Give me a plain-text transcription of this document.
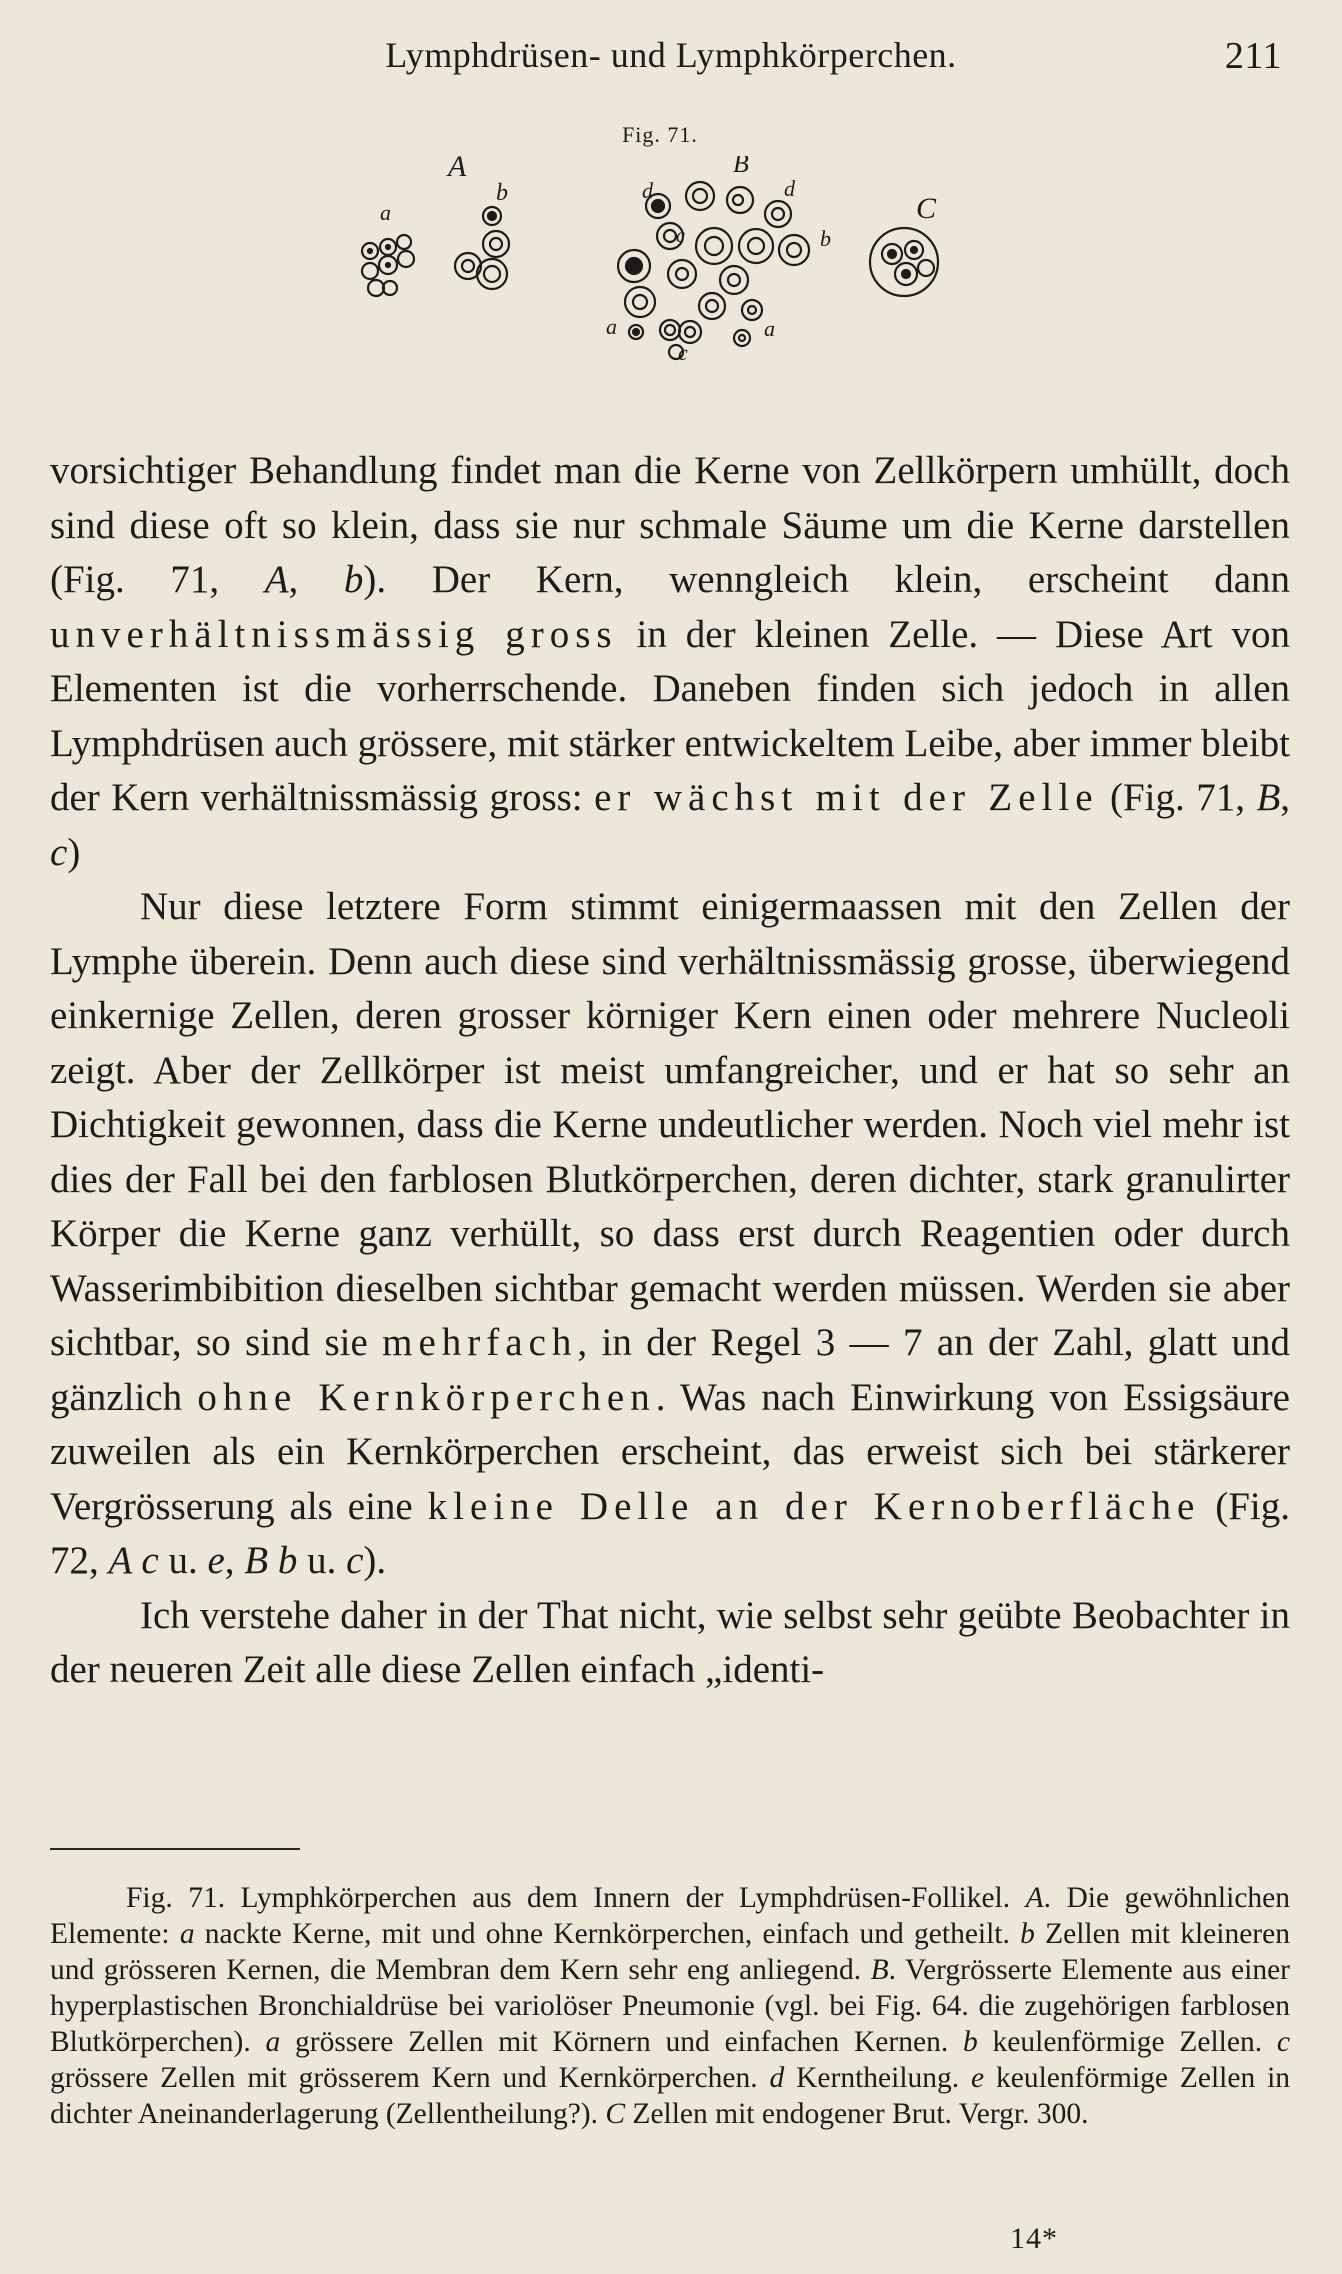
Lymphdrüsen- und Lymphkörperchen.	211
Fig. 71.
A
a
b
B
d	d
b
a	a
c
c
C

vorsichtiger Behandlung findet man die Kerne von Zellkörpern umhüllt, doch sind diese oft so klein, dass sie nur schmale Säume um die Kerne darstellen (Fig. 71, A, b). Der Kern, wenngleich klein, erscheint dann unverhältnissmässig gross in der kleinen Zelle. — Diese Art von Elementen ist die vorherrschende. Daneben finden sich jedoch in allen Lymphdrüsen auch grössere, mit stärker entwickeltem Leibe, aber immer bleibt der Kern verhältnissmässig gross: er wächst mit der Zelle (Fig. 71, B, c)

Nur diese letztere Form stimmt einigermaassen mit den Zellen der Lymphe überein. Denn auch diese sind verhältnissmässig grosse, überwiegend einkernige Zellen, deren grosser körniger Kern einen oder mehrere Nucleoli zeigt. Aber der Zellkörper ist meist umfangreicher, und er hat so sehr an Dichtigkeit gewonnen, dass die Kerne undeutlicher werden. Noch viel mehr ist dies der Fall bei den farblosen Blutkörperchen, deren dichter, stark granulirter Körper die Kerne ganz verhüllt, so dass erst durch Reagentien oder durch Wasserimbibition dieselben sichtbar gemacht werden müssen. Werden sie aber sichtbar, so sind sie mehrfach, in der Regel 3 — 7 an der Zahl, glatt und gänzlich ohne Kernkörperchen. Was nach Einwirkung von Essigsäure zuweilen als ein Kernkörperchen erscheint, das erweist sich bei stärkerer Vergrösserung als eine kleine Delle an der Kernoberfläche (Fig. 72, A c u. e, B b u. c).

Ich verstehe daher in der That nicht, wie selbst sehr geübte Beobachter in der neueren Zeit alle diese Zellen einfach „identi-

Fig. 71. Lymphkörperchen aus dem Innern der Lymphdrüsen-Follikel. A. Die gewöhnlichen Elemente: a nackte Kerne, mit und ohne Kernkörperchen, einfach und getheilt. b Zellen mit kleineren und grösseren Kernen, die Membran dem Kern sehr eng anliegend. B. Vergrösserte Elemente aus einer hyperplastischen Bronchialdrüse bei variolöser Pneumonie (vgl. bei Fig. 64. die zugehörigen farblosen Blutkörperchen). a grössere Zellen mit Körnern und einfachen Kernen. b keulenförmige Zellen. c grössere Zellen mit grösserem Kern und Kernkörperchen. d Kerntheilung. e keulenförmige Zellen in dichter Aneinanderlagerung (Zellentheilung?). C Zellen mit endogener Brut. Vergr. 300.

14*
